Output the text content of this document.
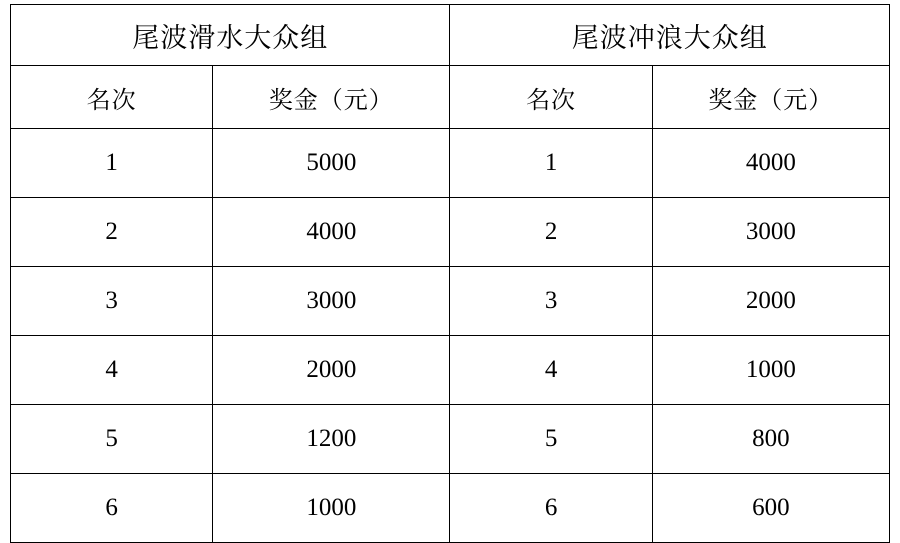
尾波滑水大众组		尾波冲浪大众组	
名次	奖金（元）	名次	奖金（元）
1	5000	1	4000
2	4000	2	3000
3	3000	3	2000
4	2000	4	1000
5	1200	5	800
6	1000	6	600
